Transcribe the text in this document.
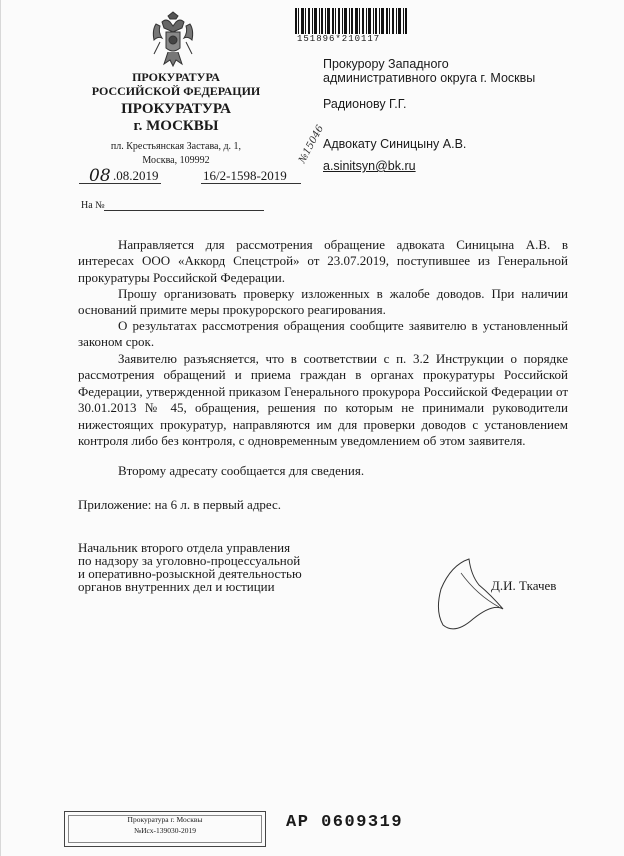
151896*210117
ПРОКУРАТУРА
РОССИЙСКОЙ ФЕДЕРАЦИИ
ПРОКУРАТУРА
г. МОСКВЫ
пл. Крестьянская Застава, д. 1,
Москва, 109992
08 .08.2019	16/2-1598-2019
№15046
На №
Прокурору Западного
административного округа г. Москвы
Радионову Г.Г.
Адвокату Синицыну А.В.
a.sinitsyn@bk.ru
Направляется для рассмотрения обращение адвоката Синицына А.В. в интересах ООО «Аккорд Спецстрой» от 23.07.2019, поступившее из Генеральной прокуратуры Российской Федерации.
Прошу организовать проверку изложенных в жалобе доводов. При наличии оснований примите меры прокурорского реагирования.
О результатах рассмотрения обращения сообщите заявителю в установленный законом срок.
Заявителю разъясняется, что в соответствии с п. 3.2 Инструкции о порядке рассмотрения обращений и приема граждан в органах прокуратуры Российской Федерации, утвержденной приказом Генерального прокурора Российской Федерации от 30.01.2013 № 45, обращения, решения по которым не принимали руководители нижестоящих прокуратур, направляются им для проверки доводов с установлением контроля либо без контроля, с одновременным уведомлением об этом заявителя.
Второму адресату сообщается для сведения.
Приложение: на 6 л. в первый адрес.
Начальник второго отдела управления
по надзору за уголовно-процессуальной
и оперативно-розыскной деятельностью
органов внутренних дел и юстиции	Д.И. Ткачев
Прокуратура г. Москвы
№Исх-139030-2019	АР 0609319
